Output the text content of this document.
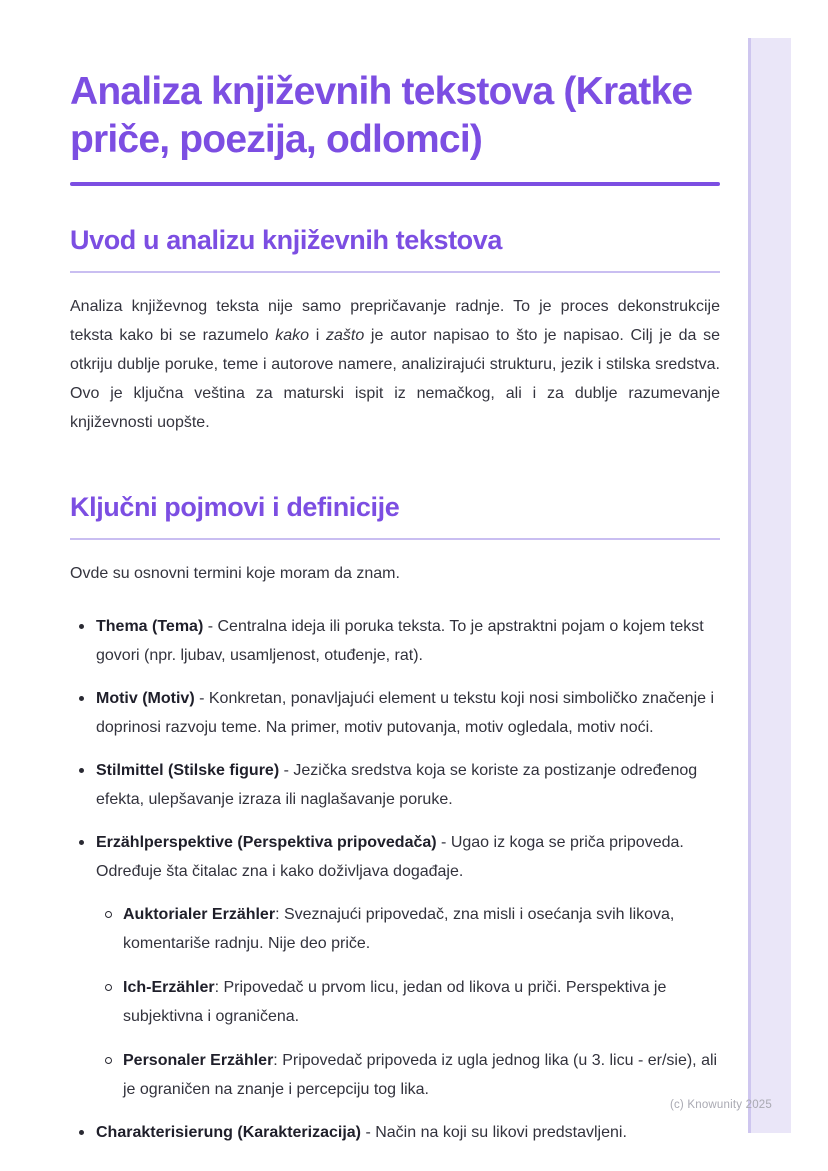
Analiza književnih tekstova (Kratke priče, poezija, odlomci)
Uvod u analizu književnih tekstova

Analiza književnog teksta nije samo prepričavanje radnje. To je proces dekonstrukcije teksta kako bi se razumelo kako i zašto je autor napisao to što je napisao. Cilj je da se otkriju dublje poruke, teme i autorove namere, analizirajući strukturu, jezik i stilska sredstva. Ovo je ključna veština za maturski ispit iz nemačkog, ali i za dublje razumevanje književnosti uopšte.

Ključni pojmovi i definicije

Ovde su osnovni termini koje moram da znam.

Thema (Tema) - Centralna ideja ili poruka teksta. To je apstraktni pojam o kojem tekst govori (npr. ljubav, usamljenost, otuđenje, rat).
Motiv (Motiv) - Konkretan, ponavljajući element u tekstu koji nosi simboličko značenje i doprinosi razvoju teme. Na primer, motiv putovanja, motiv ogledala, motiv noći.
Stilmittel (Stilske figure) - Jezička sredstva koja se koriste za postizanje određenog efekta, ulepšavanje izraza ili naglašavanje poruke.
Erzählperspektive (Perspektiva pripovedača) - Ugao iz koga se priča pripoveda. Određuje šta čitalac zna i kako doživljava događaje.
Auktorialer Erzähler: Sveznajući pripovedač, zna misli i osećanja svih likova, komentariše radnju. Nije deo priče.
Ich-Erzähler: Pripovedač u prvom licu, jedan od likova u priči. Perspektiva je subjektivna i ograničena.
Personaler Erzähler: Pripovedač pripoveda iz ugla jednog lika (u 3. licu - er/sie), ali je ograničen na znanje i percepciju tog lika.
Charakterisierung (Karakterizacija) - Način na koji su likovi predstavljeni.
(c) Knowunity 2025
